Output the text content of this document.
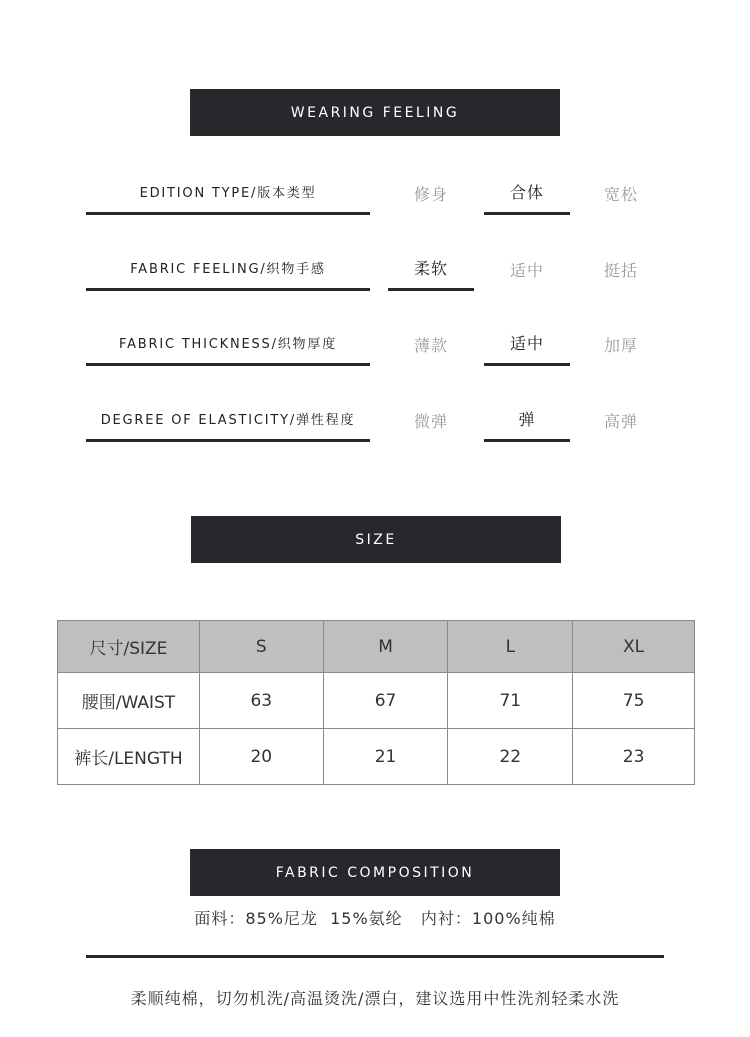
WEARING FEELING
EDITION TYPE/版本类型	修身	合体	宽松
FABRIC FEELING/织物手感	柔软	适中	挺括
FABRIC THICKNESS/织物厚度	薄款	适中	加厚
DEGREE OF ELASTICITY/弹性程度	微弹	弹	高弹
SIZE
尺寸/SIZE	S	M	L	XL
腰围/WAIST	63	67	71	75
裤长/LENGTH	20	21	22	23
FABRIC COMPOSITION
面料：85%尼龙  15%氨纶   内衬：100%纯棉
柔顺纯棉，切勿机洗/高温烫洗/漂白，建议选用中性洗剂轻柔水洗
